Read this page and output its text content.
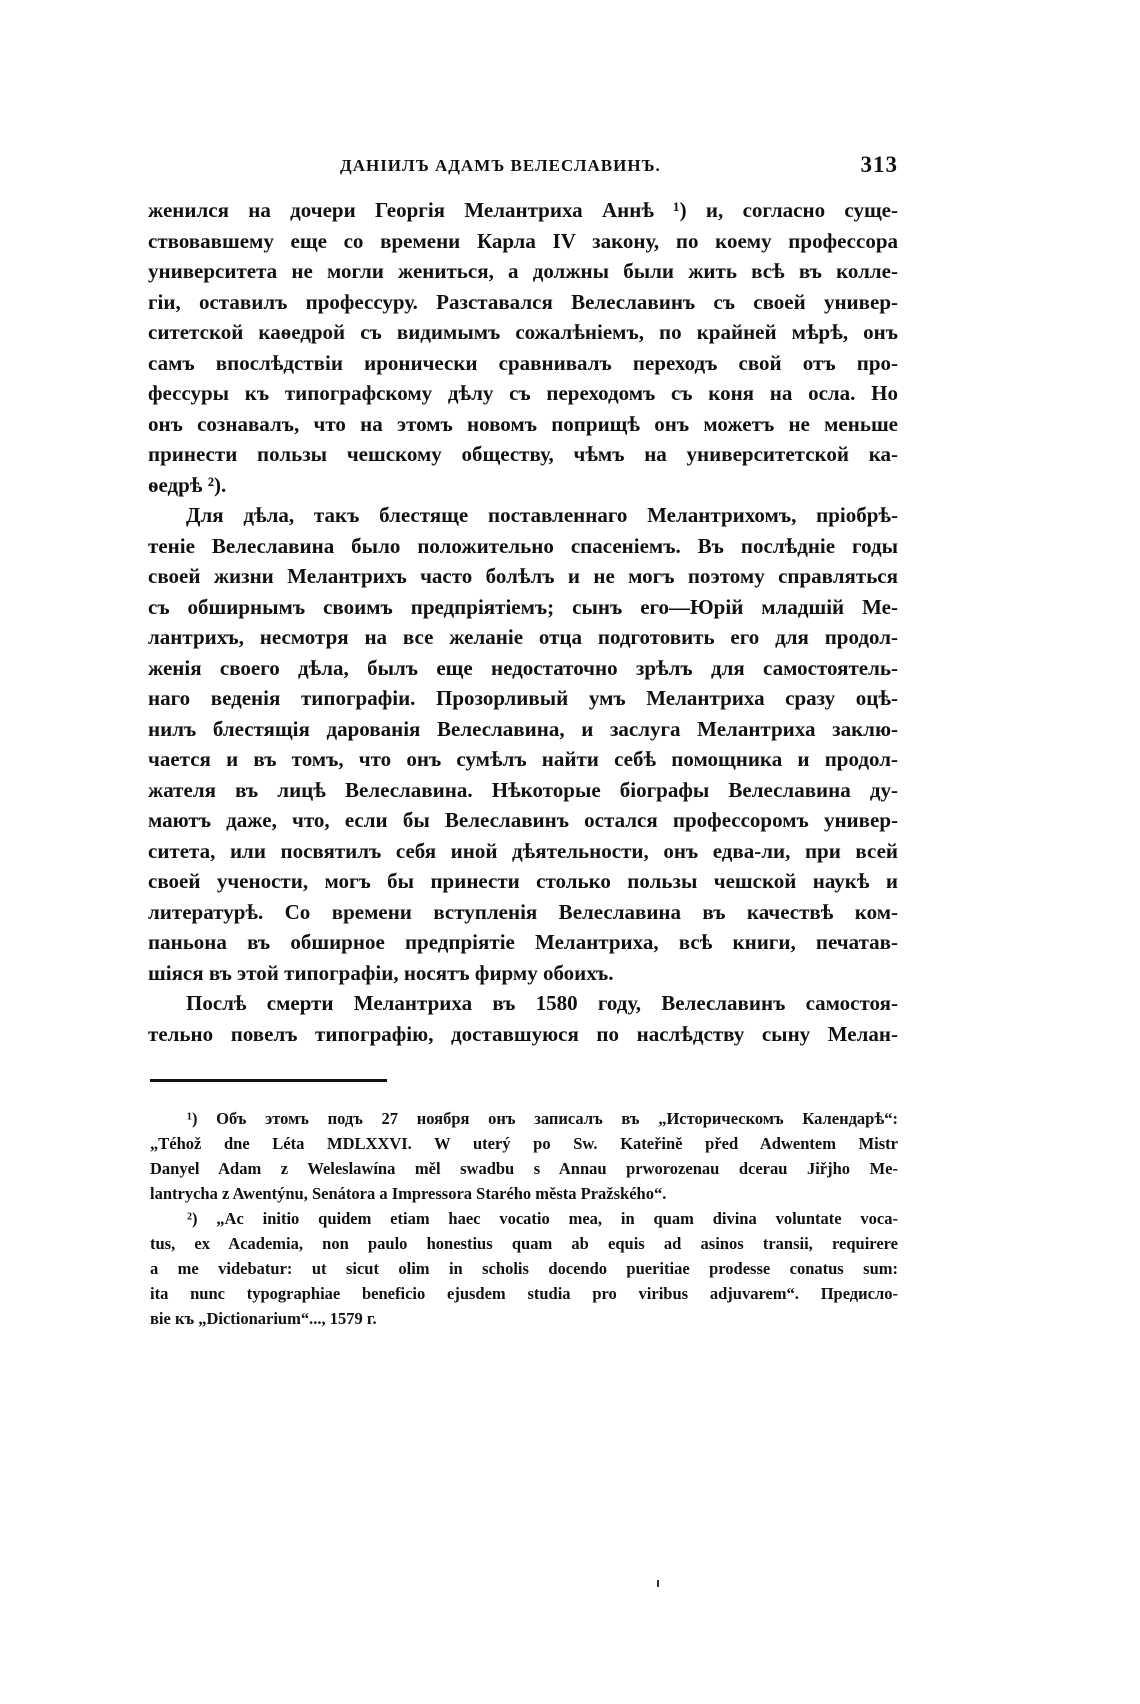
ДАНІИЛЪ АДАМЪ ВЕЛЕСЛАВИНЪ.	313
женился на дочери Георгія Мелантриха Аннѣ ¹) и, согласно суще-
ствовавшему еще со времени Карла IV закону, по коему профессора
университета не могли жениться, а должны были жить всѣ въ колле-
гіи, оставилъ профессуру. Разставался Велеславинъ съ своей универ-
ситетской каѳедрой съ видимымъ сожалѣніемъ, по крайней мѣрѣ, онъ
самъ впослѣдствіи иронически сравнивалъ переходъ свой отъ про-
фессуры къ типографскому дѣлу съ переходомъ съ коня на осла. Но
онъ сознавалъ, что на этомъ новомъ поприщѣ онъ можетъ не меньше
принести пользы чешскому обществу, чѣмъ на университетской ка-
ѳедрѣ ²).
Для дѣла, такъ блестяще поставленнаго Мелантрихомъ, пріобрѣ-
теніе Велеславина было положительно спасеніемъ. Въ послѣдніе годы
своей жизни Мелантрихъ часто болѣлъ и не могъ поэтому справляться
съ обширнымъ своимъ предпріятіемъ; сынъ его—Юрій младшій Ме-
лантрихъ, несмотря на все желаніе отца подготовить его для продол-
женія своего дѣла, былъ еще недостаточно зрѣлъ для самостоятель-
наго веденія типографіи. Прозорливый умъ Мелантриха сразу оцѣ-
нилъ блестящія дарованія Велеславина, и заслуга Мелантриха заклю-
чается и въ томъ, что онъ сумѣлъ найти себѣ помощника и продол-
жателя въ лицѣ Велеславина. Нѣкоторые біографы Велеславина ду-
маютъ даже, что, если бы Велеславинъ остался профессоромъ универ-
ситета, или посвятилъ себя иной дѣятельности, онъ едва-ли, при всей
своей учености, могъ бы принести столько пользы чешской наукѣ и
литературѣ. Со времени вступленія Велеславина въ качествѣ ком-
паньона въ обширное предпріятіе Мелантриха, всѣ книги, печатав-
шіяся въ этой типографіи, носятъ фирму обоихъ.
Послѣ смерти Мелантриха въ 1580 году, Велеславинъ самостоя-
тельно повелъ типографію, доставшуюся по наслѣдству сыну Мелан-
¹) Объ этомъ подъ 27 ноября онъ записалъ въ „Историческомъ Календарѣ“:
„Téhož dne Léta MDLXXVI. W uterý po Sw. Kateřině před Adwentem Mistr
Danyel Adam z Weleslawína měl swadbu s Annau prworozenau dcerau Jiřjho Me-
lantrycha z Awentýnu, Senátora a Impressora Starého města Pražského“.
²) „Ac initio quidem etiam haec vocatio mea, in quam divina voluntate voca-
tus, ex Academia, non paulo honestius quam ab equis ad asinos transii, requirere
a me videbatur: ut sicut olim in scholis docendo pueritiae prodesse conatus sum:
ita nunc typographiae beneficio ejusdem studia pro viribus adjuvarem“. Предисло-
віе къ „Dictionarium“..., 1579 г.
